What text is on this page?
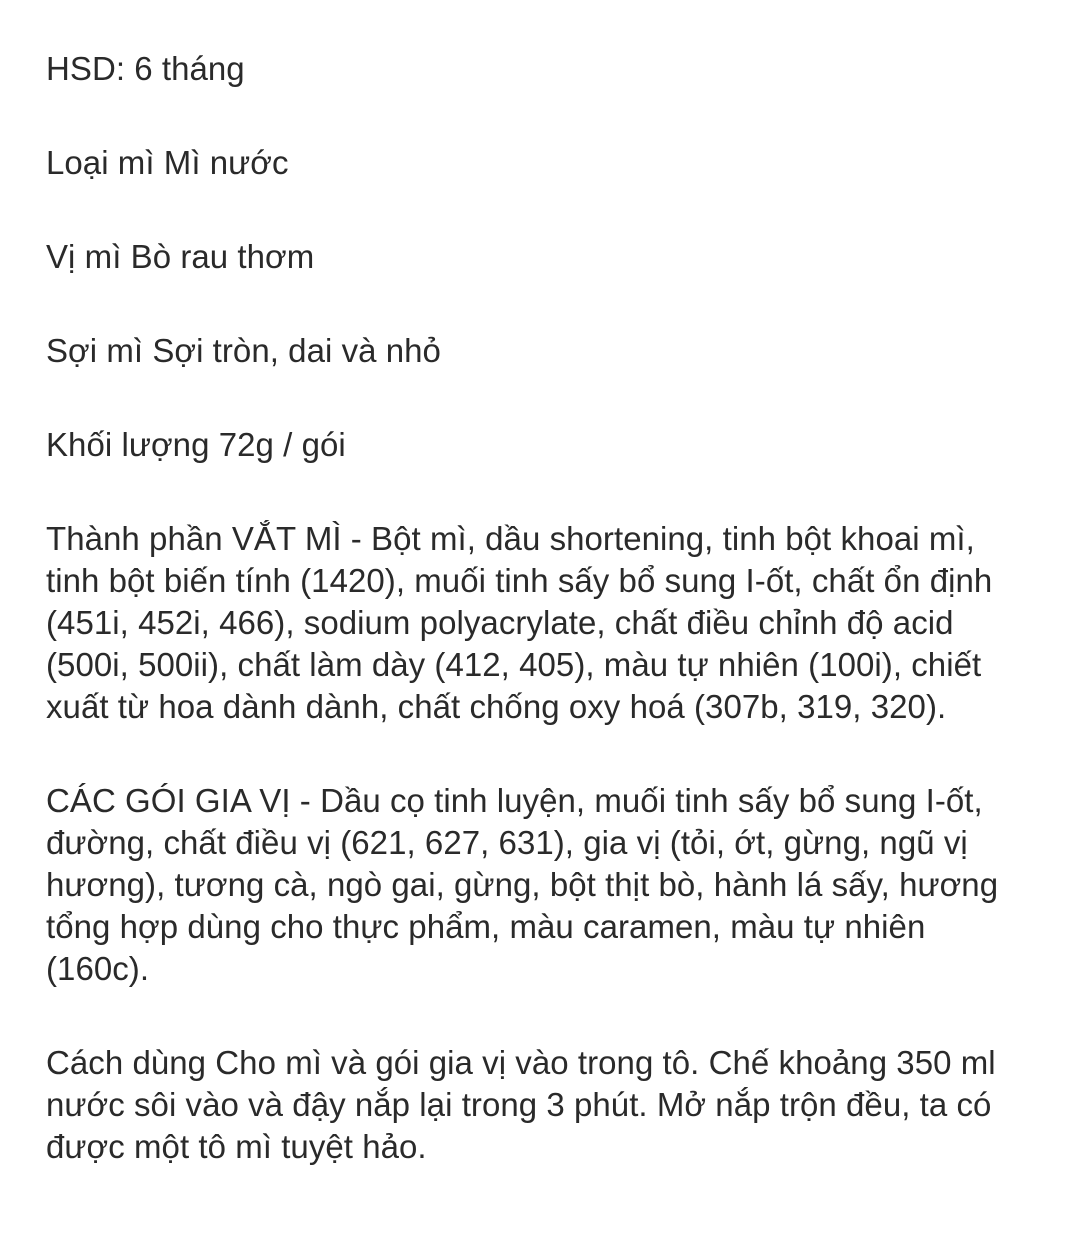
HSD: 6 tháng

Loại mì Mì nước

Vị mì Bò rau thơm

Sợi mì Sợi tròn, dai và nhỏ

Khối lượng 72g / gói

Thành phần VẮT MÌ - Bột mì, dầu shortening, tinh bột khoai mì, tinh bột biến tính (1420), muối tinh sấy bổ sung I-ốt, chất ổn định (451i, 452i, 466), sodium polyacrylate, chất điều chỉnh độ acid (500i, 500ii), chất làm dày (412, 405), màu tự nhiên (100i), chiết xuất từ hoa dành dành, chất chống oxy hoá (307b, 319, 320).

CÁC GÓI GIA VỊ - Dầu cọ tinh luyện, muối tinh sấy bổ sung I-ốt, đường, chất điều vị (621, 627, 631), gia vị (tỏi, ớt, gừng, ngũ vị hương), tương cà, ngò gai, gừng, bột thịt bò, hành lá sấy, hương tổng hợp dùng cho thực phẩm, màu caramen, màu tự nhiên (160c).

Cách dùng Cho mì và gói gia vị vào trong tô. Chế khoảng 350 ml nước sôi vào và đậy nắp lại trong 3 phút. Mở nắp trộn đều, ta có được một tô mì tuyệt hảo.
